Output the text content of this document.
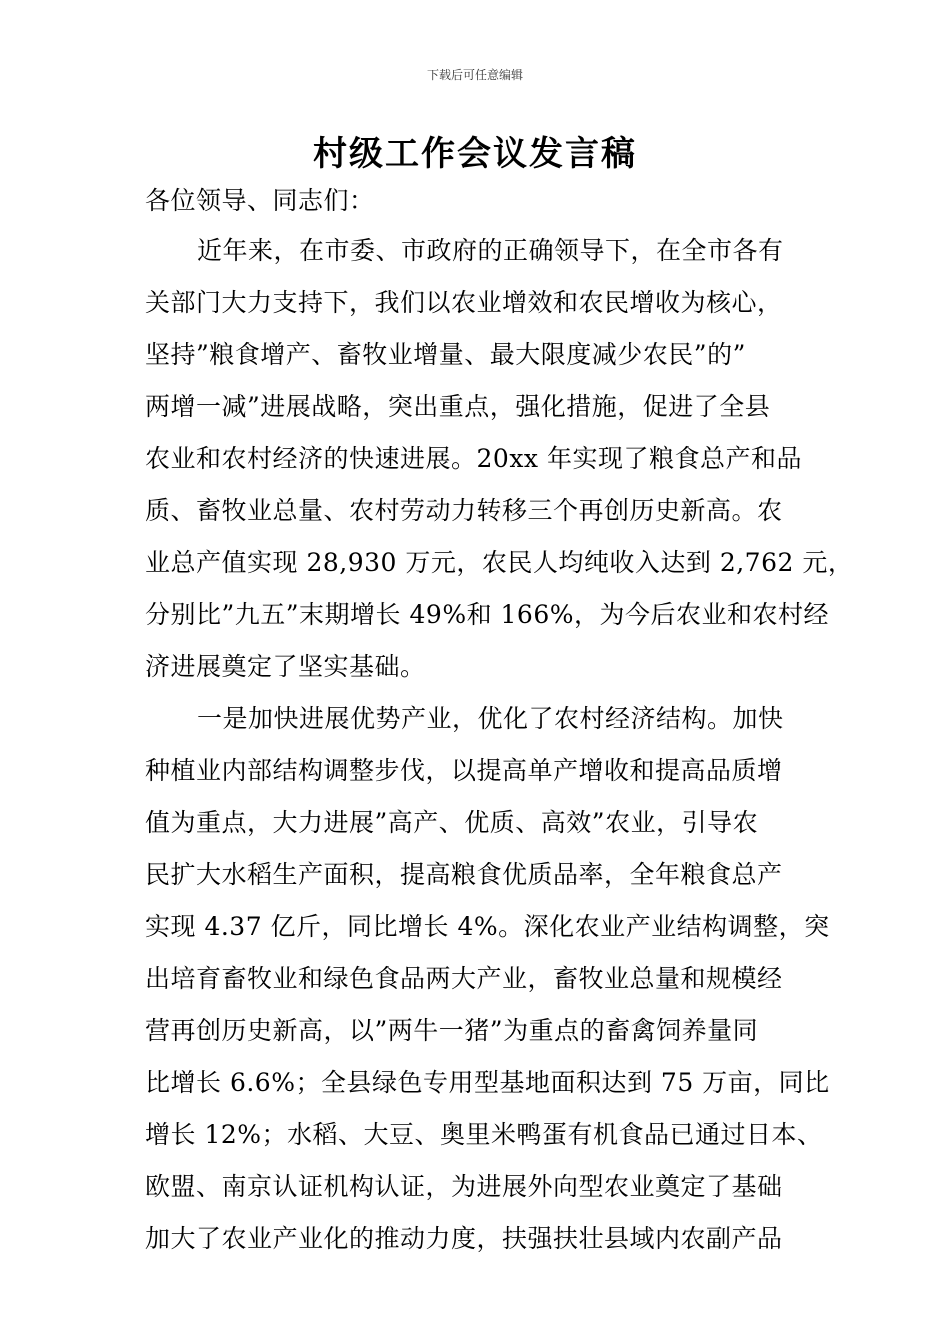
下载后可任意编辑
村级工作会议发言稿
各位领导、同志们：
近年来，在市委、市政府的正确领导下，在全市各有
关部门大力支持下，我们以农业增效和农民增收为核心，
坚持”粮食增产、畜牧业增量、最大限度减少农民”的”
两增一减”进展战略，突出重点，强化措施，促进了全县
农业和农村经济的快速进展。20xx 年实现了粮食总产和品
质、畜牧业总量、农村劳动力转移三个再创历史新高。农
业总产值实现 28,930 万元，农民人均纯收入达到 2,762 元，
分别比”九五”末期增长 49%和 166%，为今后农业和农村经
济进展奠定了坚实基础。
一是加快进展优势产业，优化了农村经济结构。加快
种植业内部结构调整步伐，以提高单产增收和提高品质增
值为重点，大力进展”高产、优质、高效”农业，引导农
民扩大水稻生产面积，提高粮食优质品率，全年粮食总产
实现 4.37 亿斤，同比增长 4%。深化农业产业结构调整，突
出培育畜牧业和绿色食品两大产业，畜牧业总量和规模经
营再创历史新高，以”两牛一猪”为重点的畜禽饲养量同
比增长 6.6%；全县绿色专用型基地面积达到 75 万亩，同比
增长 12%；水稻、大豆、奥里米鸭蛋有机食品已通过日本、
欧盟、南京认证机构认证，为进展外向型农业奠定了基础
加大了农业产业化的推动力度，扶强扶壮县域内农副产品
